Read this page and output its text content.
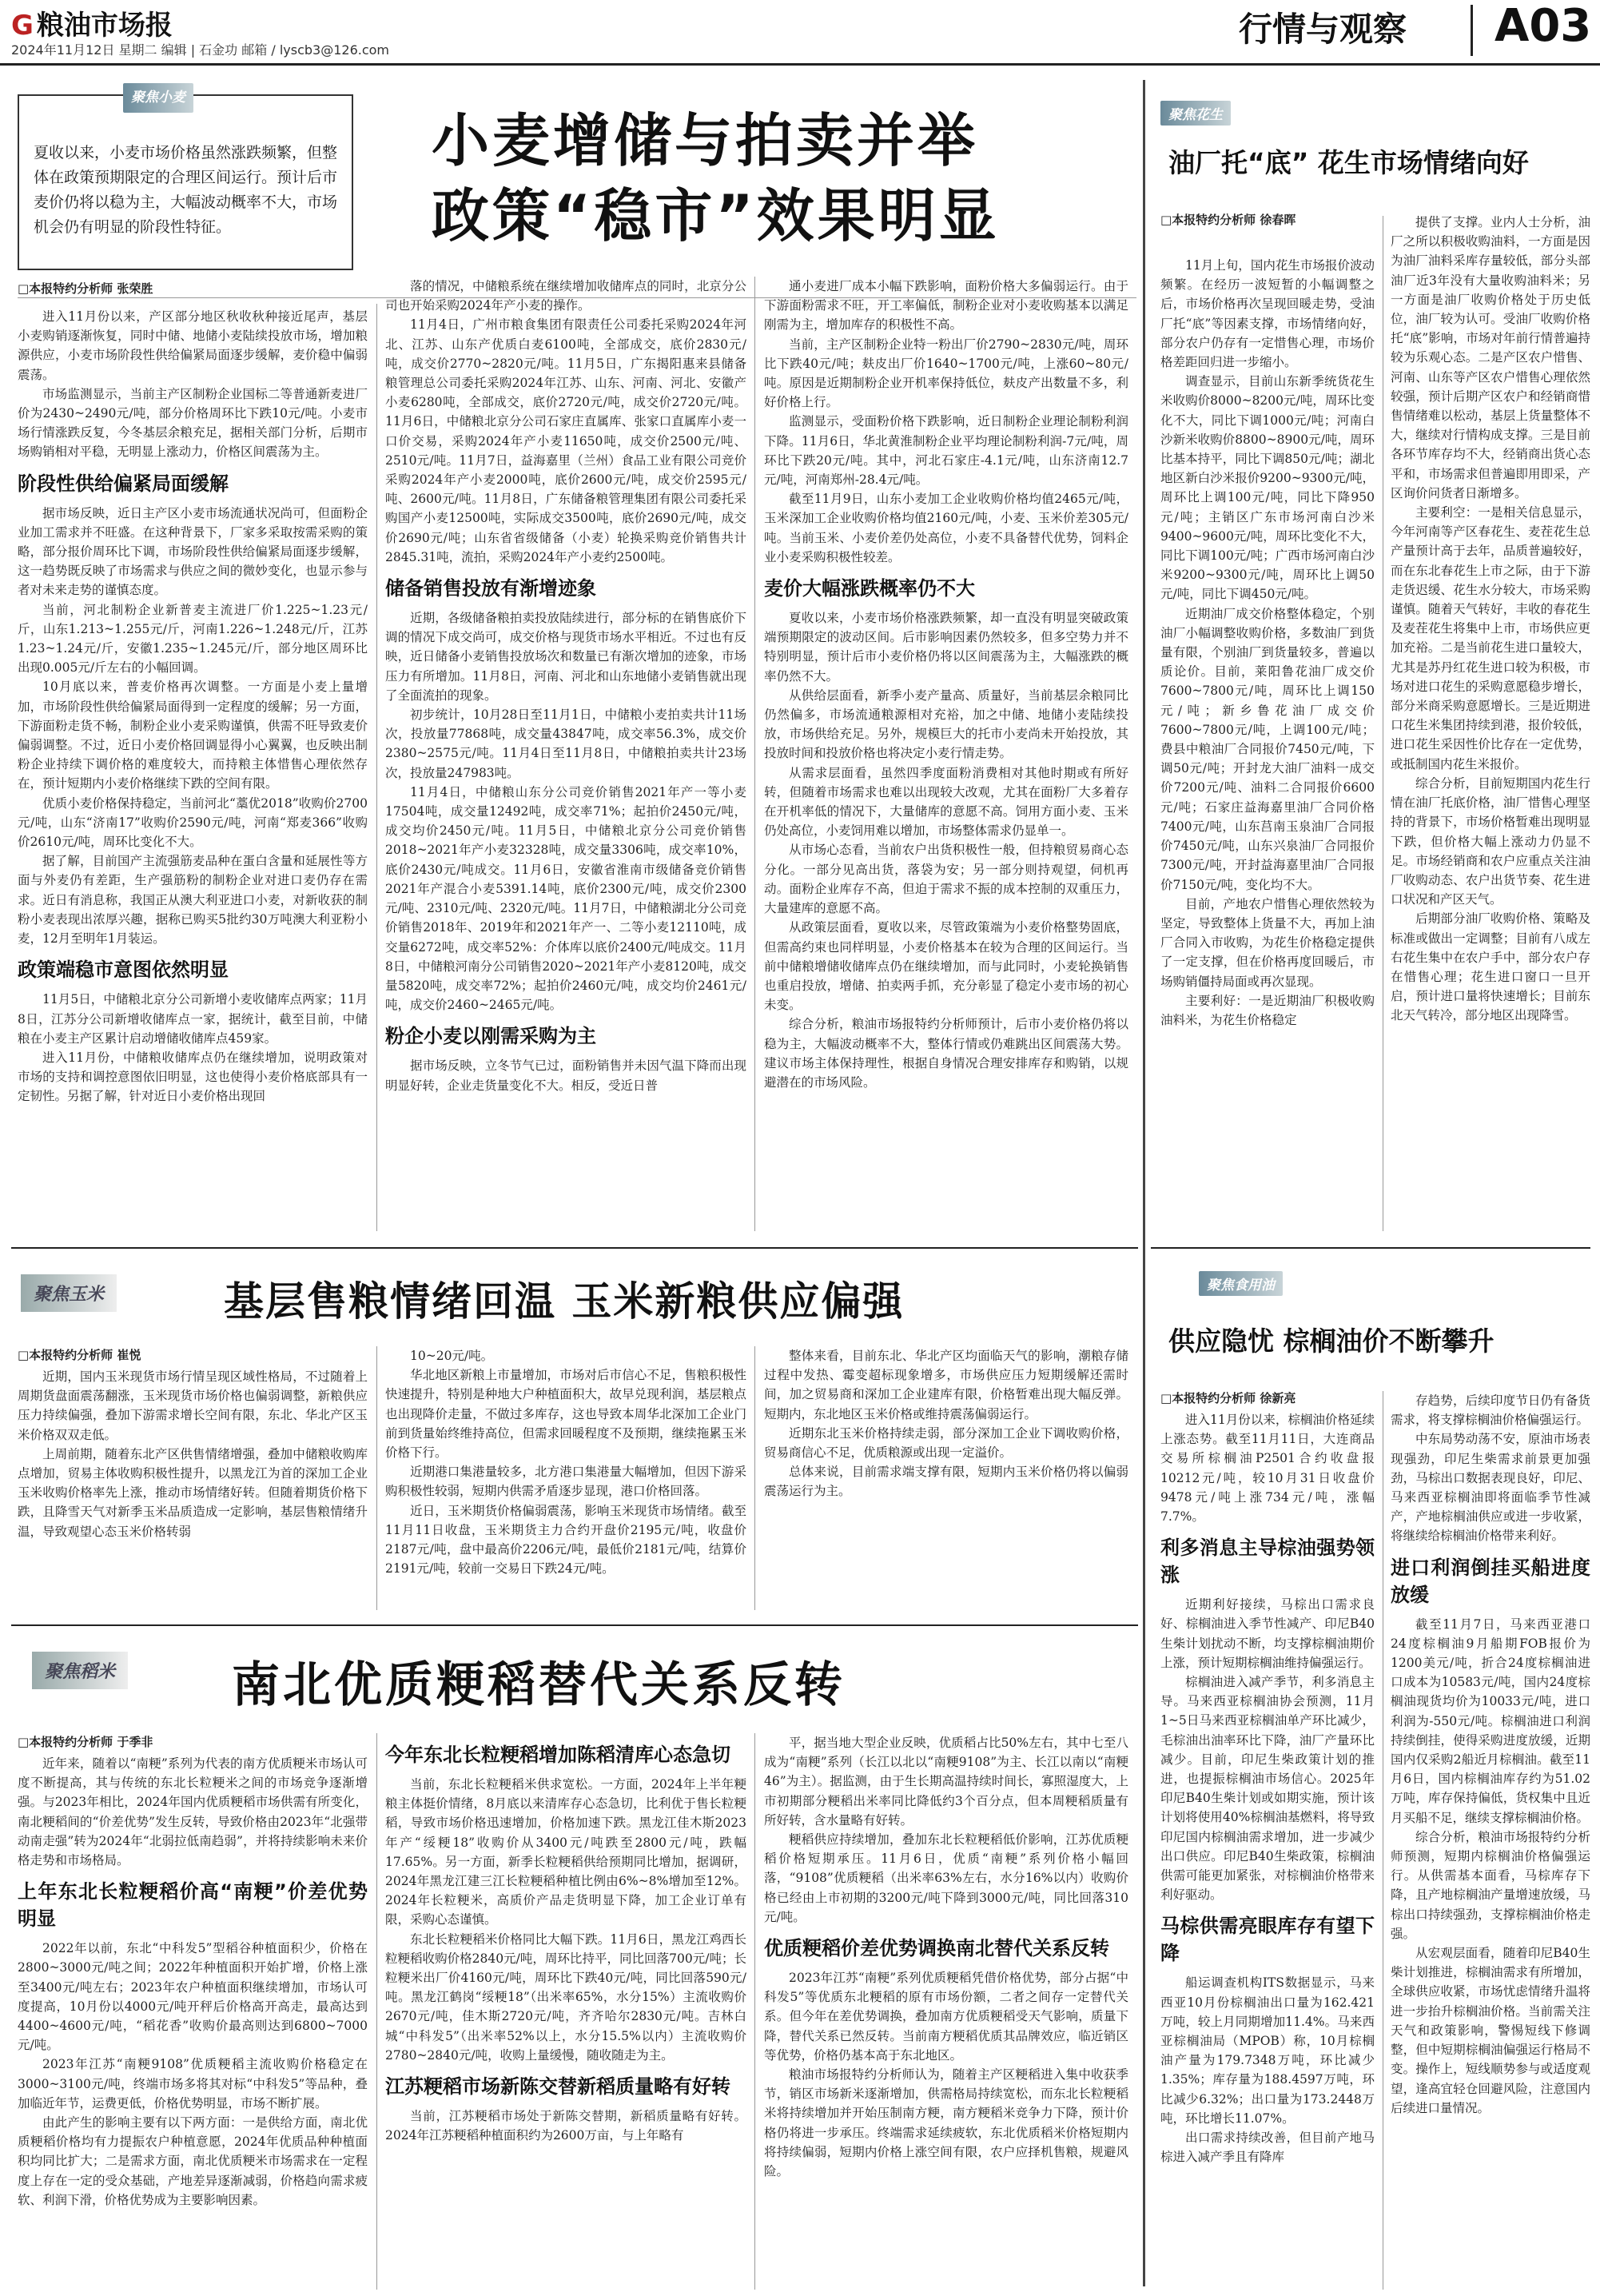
G 粮油市场报
2024年11月12日 星期二 编辑 | 石金功 邮箱 / lyscb3@126.com
行情与观察 A03
聚焦小麦
夏收以来，小麦市场价格虽然涨跌频繁，但整体在政策预期限定的合理区间运行。预计后市麦价仍将以稳为主，大幅波动概率不大，市场机会仍有明显的阶段性特征。
小麦增储与拍卖并举
政策“稳市”效果明显
□本报特约分析师 张荣胜

进入11月份以来，产区部分地区秋收秋种接近尾声，基层小麦购销逐渐恢复，同时中储、地储小麦陆续投放市场，增加粮源供应，小麦市场阶段性供给偏紧局面逐步缓解，麦价稳中偏弱震荡。

市场监测显示，当前主产区制粉企业国标二等普通新麦进厂价为2430~2490元/吨，部分价格周环比下跌10元/吨。小麦市场行情涨跌反复，今冬基层余粮充足，据相关部门分析，后期市场购销相对平稳，无明显上涨动力，价格区间震荡为主。

阶段性供给偏紧局面缓解

据市场反映，近日主产区小麦市场流通状况尚可，但面粉企业加工需求并不旺盛。在这种背景下，厂家多采取按需采购的策略，部分报价周环比下调，市场阶段性供给偏紧局面逐步缓解，这一趋势既反映了市场需求与供应之间的微妙变化，也显示参与者对未来走势的谨慎态度。

当前，河北制粉企业新普麦主流进厂价1.225~1.23元/斤，山东1.213~1.255元/斤，河南1.226~1.248元/斤，江苏1.23~1.24元/斤，安徽1.235~1.245元/斤，部分地区周环比出现0.005元/斤左右的小幅回调。

10月底以来，普麦价格再次调整。一方面是小麦上量增加，市场阶段性供给偏紧局面得到一定程度的缓解；另一方面，下游面粉走货不畅，制粉企业小麦采购谨慎，供需不旺导致麦价偏弱调整。不过，近日小麦价格回调显得小心翼翼，也反映出制粉企业持续下调价格的难度较大，而持粮主体惜售心理依然存在，预计短期内小麦价格继续下跌的空间有限。

优质小麦价格保持稳定，当前河北“藁优2018”收购价2700元/吨，山东“济南17”收购价2590元/吨，河南“郑麦366”收购价2610元/吨，周环比变化不大。

据了解，目前国产主流强筋麦品种在蛋白含量和延展性等方面与外麦仍有差距，生产强筋粉的制粉企业对进口麦仍存在需求。近日有消息称，我国正从澳大利亚进口小麦，对新收获的制粉小麦表现出浓厚兴趣，据称已购买5批约30万吨澳大利亚粉小麦，12月至明年1月装运。

政策端稳市意图依然明显

11月5日，中储粮北京分公司新增小麦收储库点两家；11月8日，江苏分公司新增收储库点一家，据统计，截至目前，中储粮在小麦主产区累计启动增储收储库点459家。

进入11月份，中储粮收储库点仍在继续增加，说明政策对市场的支持和调控意图依旧明显，这也使得小麦价格底部具有一定韧性。另据了解，针对近日小麦价格出现回

落的情况，中储粮系统在继续增加收储库点的同时，北京分公司也开始采购2024年产小麦的操作。

11月4日，广州市粮食集团有限责任公司委托采购2024年河北、江苏、山东产优质白麦6100吨，全部成交，底价2830元/吨，成交价2770~2820元/吨。11月5日，广东揭阳惠来县储备粮管理总公司委托采购2024年江苏、山东、河南、河北、安徽产小麦6280吨，全部成交，底价2720元/吨，成交价2720元/吨。11月6日，中储粮北京分公司石家庄直属库、张家口直属库小麦一口价交易，采购2024年产小麦11650吨，成交价2500元/吨、2510元/吨。11月7日，益海嘉里（兰州）食品工业有限公司竞价采购2024年产小麦2000吨，底价2600元/吨，成交价2595元/吨、2600元/吨。11月8日，广东储备粮管理集团有限公司委托采购国产小麦12500吨，实际成交3500吨，底价2690元/吨，成交价2690元/吨；山东省省级储备（小麦）轮换采购竞价销售共计2845.31吨，流拍，采购2024年产小麦约2500吨。

储备销售投放有渐增迹象

近期，各级储备粮拍卖投放陆续进行，部分标的在销售底价下调的情况下成交尚可，成交价格与现货市场水平相近。不过也有反映，近日储备小麦销售投放场次和数量已有渐次增加的迹象，市场压力有所增加。11月8日，河南、河北和山东地储小麦销售就出现了全面流拍的现象。

初步统计，10月28日至11月1日，中储粮小麦拍卖共计11场次，投放量77868吨，成交量43847吨，成交率56.3%，成交价2380~2575元/吨。11月4日至11月8日，中储粮拍卖共计23场次，投放量247983吨。

11月4日，中储粮山东分公司竞价销售2021年产一等小麦17504吨，成交量12492吨，成交率71%；起拍价2450元/吨，成交均价2450元/吨。11月5日，中储粮北京分公司竞价销售2018~2021年产小麦32328吨，成交量3306吨，成交率10%，底价2430元/吨成交。11月6日，安徽省淮南市级储备竞价销售2021年产混合小麦5391.14吨，底价2300元/吨，成交价2300元/吨、2310元/吨、2320元/吨。11月7日，中储粮湖北分公司竞价销售2018年、2019年和2021年产一、二等小麦12110吨，成交量6272吨，成交率52%：介体库以底价2400元/吨成交。11月8日，中储粮河南分公司销售2020~2021年产小麦8120吨，成交量5820吨，成交率72%；起拍价2460元/吨，成交均价2461元/吨，成交价2460~2465元/吨。

粉企小麦以刚需采购为主

据市场反映，立冬节气已过，面粉销售并未因气温下降而出现明显好转，企业走货量变化不大。相反，受近日普

通小麦进厂成本小幅下跌影响，面粉价格大多偏弱运行。由于下游面粉需求不旺，开工率偏低，制粉企业对小麦收购基本以满足刚需为主，增加库存的积极性不高。

当前，主产区制粉企业特一粉出厂价2790~2830元/吨，周环比下跌40元/吨；麸皮出厂价1640~1700元/吨，上涨60~80元/吨。原因是近期制粉企业开机率保持低位，麸皮产出数量不多，利好价格上行。

监测显示，受面粉价格下跌影响，近日制粉企业理论制粉利润下降。11月6日，华北黄淮制粉企业平均理论制粉利润-7元/吨，周环比下跌20元/吨。其中，河北石家庄-4.1元/吨，山东济南12.7元/吨，河南郑州-28.4元/吨。

截至11月9日，山东小麦加工企业收购价格均值2465元/吨，玉米深加工企业收购价格均值2160元/吨，小麦、玉米价差305元/吨。当前玉米、小麦价差仍处高位，小麦不具备替代优势，饲料企业小麦采购积极性较差。

麦价大幅涨跌概率仍不大

夏收以来，小麦市场价格涨跌频繁，却一直没有明显突破政策端预期限定的波动区间。后市影响因素仍然较多，但多空势力并不特别明显，预计后市小麦价格仍将以区间震荡为主，大幅涨跌的概率仍然不大。

从供给层面看，新季小麦产量高、质量好，当前基层余粮同比仍然偏多，市场流通粮源相对充裕，加之中储、地储小麦陆续投放，市场供给充足。另外，规模巨大的托市小麦尚未开始投放，其投放时间和投放价格也将决定小麦行情走势。

从需求层面看，虽然四季度面粉消费相对其他时期或有所好转，但随着市场需求也难以出现较大改观，尤其在面粉厂大多着存在开机率低的情况下，大量储库的意愿不高。饲用方面小麦、玉米仍处高位，小麦饲用难以增加，市场整体需求仍显单一。

从市场心态看，当前农户出货积极性一般，但持粮贸易商心态分化。一部分见高出货，落袋为安；另一部分则持观望，伺机再动。面粉企业库存不高，但迫于需求不振的成本控制的双重压力，大量建库的意愿不高。

从政策层面看，夏收以来，尽管政策端为小麦价格整势固底，但需高约束也同样明显，小麦价格基本在较为合理的区间运行。当前中储粮增储收储库点仍在继续增加，而与此同时，小麦轮换销售也重启投放，增储、拍卖两手抓，充分彰显了稳定小麦市场的初心未变。

综合分析，粮油市场报特约分析师预计，后市小麦价格仍将以稳为主，大幅波动概率不大，整体行情或仍难跳出区间震荡大势。建议市场主体保持理性，根据自身情况合理安排库存和购销，以规避潜在的市场风险。

聚焦花生
油厂托“底” 花生市场情绪向好
□本报特约分析师 徐春晖

11月上旬，国内花生市场报价波动频繁。在经历一波短暂的小幅调整之后，市场价格再次呈现回暖走势，受油厂托“底”等因素支撑，市场情绪向好，部分农户仍存有一定惜售心理，市场价格差距回归进一步缩小。

调查显示，目前山东新季统货花生米收购价8000~8200元/吨，周环比变化不大，同比下调1000元/吨；河南白沙新米收购价8800~8900元/吨，周环比基本持平，同比下调850元/吨；湖北地区新白沙米报价9200~9300元/吨，周环比上调100元/吨，同比下降950元/吨；主销区广东市场河南白沙米9400~9600元/吨，周环比变化不大，同比下调100元/吨；广西市场河南白沙米9200~9300元/吨，周环比上调50元/吨，同比下调450元/吨。

近期油厂成交价格整体稳定，个别油厂小幅调整收购价格，多数油厂到货量有限，个别油厂到货量较多，普遍以质论价。目前，莱阳鲁花油厂成交价7600~7800元/吨，周环比上调150元/吨；新乡鲁花油厂成交价7600~7800元/吨，上调100元/吨；费县中粮油厂合同报价7450元/吨，下调50元/吨；开封龙大油厂油料一成交价7200元/吨、油料二合同报价6600元/吨；石家庄益海嘉里油厂合同价格7400元/吨，山东莒南玉泉油厂合同报价7450元/吨，山东兴泉油厂合同报价7300元/吨，开封益海嘉里油厂合同报价7150元/吨，变化均不大。

目前，产地农户惜售心理依然较为坚定，导致整体上货量不大，再加上油厂合同入市收购，为花生价格稳定提供了一定支撑，但在价格再度回暖后，市场购销僵持局面或再次显现。

主要利好：一是近期油厂积极收购油料米，为花生价格稳定

提供了支撑。业内人士分析，油厂之所以积极收购油料，一方面是因为油厂油料采库存量较低，部分头部油厂近3年没有大量收购油料米；另一方面是油厂收购价格处于历史低位，油厂较为认可。受油厂收购价格托“底”影响，市场对年前行情普遍持较为乐观心态。二是产区农户惜售、河南、山东等产区农户惜售心理依然较强，预计后期产区农户和经销商惜售情绪难以松动，基层上货量整体不大，继续对行情构成支撑。三是目前各环节库存均不大，经销商出货心态平和，市场需求但普遍即用即采，产区询价问货者日渐增多。

主要利空：一是相关信息显示，今年河南等产区春花生、麦茬花生总产量预计高于去年，品质普遍较好，而在东北春花生上市之际，由于下游走货迟缓、花生水分较大，市场采购谨慎。随着天气转好，丰收的春花生及麦茬花生将集中上市，市场供应更加充裕。二是当前花生进口量较大，尤其是苏丹红花生进口较为积极，市场对进口花生的采购意愿稳步增长，部分米商采购意愿增长。三是近期进口花生米集团持续到港，报价较低，进口花生采因性价比存在一定优势，或抵制国内花生米报价。

综合分析，目前短期国内花生行情在油厂托底价格，油厂惜售心理坚持的背景下，市场价格暂难出现明显下跌，但价格大幅上涨动力仍显不足。市场经销商和农户应重点关注油厂收购动态、农户出货节奏、花生进口状况和产区天气。

后期部分油厂收购价格、策略及标准或做出一定调整；目前有八成左右花生集中在农户手中，部分农户存在惜售心理；花生进口窗口一旦开启，预计进口量将快速增长；目前东北天气转冷，部分地区出现降雪。

聚焦玉米	基层售粮情绪回温 玉米新粮供应偏强
□本报特约分析师 崔悦

近期，国内玉米现货市场行情呈现区域性格局，不过随着上周期货盘面震荡翻涨，玉米现货市场价格也偏弱调整，新粮供应压力持续偏强，叠加下游需求增长空间有限，东北、华北产区玉米价格双双走低。

上周前期，随着东北产区供售情绪增强，叠加中储粮收购库点增加，贸易主体收购积极性提升，以黑龙江为首的深加工企业玉米收购价格率先上涨，推动市场情绪好转。但随着期货价格下跌，且降雪天气对新季玉米品质造成一定影响，基层售粮情绪升温，导致观望心态玉米价格转弱

10~20元/吨。

华北地区新粮上市量增加，市场对后市信心不足，售粮积极性快速提升，特别是种地大户种植面积大，故早兑现利润，基层粮点也出现降价走量，不做过多库存，这也导致本周华北深加工企业门前到货量始终维持高位，但需求回暖程度不及预期，继续拖累玉米价格下行。

近期港口集港量较多，北方港口集港量大幅增加，但因下游采购积极性较弱，短期内供需矛盾逐步显现，港口价格回落。

近日，玉米期货价格偏弱震荡，影响玉米现货市场情绪。截至11月11日收盘，玉米期货主力合约开盘价2195元/吨，收盘价2187元/吨，盘中最高价2206元/吨，最低价2181元/吨，结算价2191元/吨，较前一交易日下跌24元/吨。

整体来看，目前东北、华北产区均面临天气的影响，潮粮存储过程中发热、霉变超标现象增多，市场供应压力短期缓解还需时间，加之贸易商和深加工企业建库有限，价格暂难出现大幅反弹。短期内，东北地区玉米价格或维持震荡偏弱运行。

近期东北玉米价格持续走弱，部分深加工企业下调收购价格，贸易商信心不足，优质粮源或出现一定溢价。

总体来说，目前需求端支撑有限，短期内玉米价格仍将以偏弱震荡运行为主。

聚焦稻米 南北优质粳稻替代关系反转
□本报特约分析师 于季非

近年来，随着以“南粳”系列为代表的南方优质粳米市场认可度不断提高，其与传统的东北长粒粳米之间的市场竞争逐渐增强。与2023年相比，2024年国内优质粳稻市场供需有所变化，南北粳稻间的“价差优势”发生反转，导致价格由2023年“北强带动南走强”转为2024年“北弱拉低南趋弱”，并将持续影响未来价格走势和市场格局。

上年东北长粒粳稻价高“南粳”价差优势明显

2022年以前，东北“中科发5”型稻谷种植面积少，价格在2800~3000元/吨之间；2022年种植面积开始扩增，价格上涨至3400元/吨左右；2023年农户种植面积继续增加，市场认可度提高，10月份以4000元/吨开秤后价格高开高走，最高达到4400~4600元/吨，“稻花香”收购价最高则达到6800~7000元/吨。

2023年江苏“南粳9108”优质粳稻主流收购价格稳定在3000~3100元/吨，终端市场多将其对标“中科发5”等品种，叠加临近年节，运费更低，价格优势明显，市场不断扩展。

由此产生的影响主要有以下两方面：一是供给方面，南北优质粳稻价格均有力提振农户种植意愿，2024年优质品种种植面积均同比扩大；二是需求方面，南北优质粳米市场需求在一定程度上存在一定的受众基础，产地差异逐渐减弱，价格趋向需求疲软、利润下滑，价格优势成为主要影响因素。

今年东北长粒粳稻增加陈稻清库心态急切

当前，东北长粒粳稻米供求宽松。一方面，2024年上半年粳粮主体挺价情绪，8月底以来清库存心态急切，比利优于售长粒粳稻，导致市场价格迅速增加，价格加速下跌。黑龙江佳木斯2023年产“绥粳18”收购价从3400元/吨跌至2800元/吨，跌幅17.65%。另一方面，新季长粒粳稻供给预期同比增加，据调研，2024年黑龙江建三江长粒粳稻种植比例由6%~8%增加至12%。2024年长粒粳米，高质价产品走货明显下降，加工企业订单有限，采购心态谨慎。

东北长粒粳稻米价格同比大幅下跌。11月6日，黑龙江鸡西长粒粳稻收购价格2840元/吨，周环比持平，同比回落700元/吨；长粒粳米出厂价4160元/吨，周环比下跌40元/吨，同比回落590元/吨。黑龙江鹤岗“绥粳18”（出米率65%，水分15%）主流收购价2670元/吨，佳木斯2720元/吨，齐齐哈尔2830元/吨。吉林白城“中科发5”（出米率52%以上，水分15.5%以内）主流收购价2780~2840元/吨，收购上量缓慢，随收随走为主。

江苏粳稻市场新陈交替新稻质量略有好转

当前，江苏粳稻市场处于新陈交替期，新稻质量略有好转。2024年江苏粳稻种植面积约为2600万亩，与上年略有

平，据当地大型企业反映，优质稻占比50%左右，其中七至八成为“南粳”系列（长江以北以“南粳9108”为主、长江以南以“南粳46”为主）。据监测，由于生长期高温持续时间长，寡照湿度大，上市初期部分粳稻出米率同比降低约3个百分点，但本周粳稻质量有所好转，含水量略有好转。

粳稻供应持续增加，叠加东北长粒粳稻低价影响，江苏优质粳稻价格短期承压。11月6日，优质“南粳”系列价格小幅回落，“9108”优质粳稻（出米率63%左右，水分16%以内）收购价格已经由上市初期的3200元/吨下降到3000元/吨，同比回落310元/吨。

优质粳稻价差优势调换南北替代关系反转

2023年江苏“南粳”系列优质粳稻凭借价格优势，部分占据“中科发5”等优质东北粳稻的原有市场份额，二者之间存一定替代关系。但今年在差优势调换，叠加南方优质粳稻受天气影响，质量下降，替代关系已然反转。当前南方粳稻优质其品牌效应，临近销区等优势，价格仍基本高于东北地区。

粮油市场报特约分析师认为，随着主产区粳稻进入集中收获季节，销区市场新米逐渐增加，供需格局持续宽松，而东北长粒粳稻米将持续增加并开始压制南方粳，南方粳稻米竞争力下降，预计价格仍将进一步承压。终端需求延续疲软，东北优质稻米价格短期内将持续偏弱，短期内价格上涨空间有限，农户应择机售粮，规避风险。

聚焦食用油
供应隐忧 棕榈油价不断攀升
□本报特约分析师 徐新亮

进入11月份以来，棕榈油价格延续上涨态势。截至11月11日，大连商品交易所棕榈油P2501合约收盘报10212元/吨，较10月31日收盘价9478元/吨上涨734元/吨，涨幅7.7%。

利多消息主导棕油强势领涨

近期利好接续，马棕出口需求良好、棕榈油进入季节性减产、印尼B40生柴计划扰动不断，均支撑棕榈油期价上涨，预计短期棕榈油维持偏强运行。

棕榈油进入减产季节，利多消息主导。马来西亚棕榈油协会预测，11月1~5日马来西亚棕榈油单产环比减少，毛棕油出油率环比下降，油厂产量环比减少。目前，印尼生柴政策计划的推进，也提振棕榈油市场信心。2025年印尼B40生柴计划或如期实施，预计该计划将使用40%棕榈油基燃料，将导致印尼国内棕榈油需求增加，进一步减少出口供应。印尼B40生柴政策，棕榈油供需可能更加紧张，对棕榈油价格带来利好驱动。

马棕供需亮眼库存有望下降

船运调查机构ITS数据显示，马来西亚10月份棕榈油出口量为162.421万吨，较上月同期增加11.4%。马来西亚棕榈油局（MPOB）称，10月棕榈油产量为179.7348万吨，环比减少1.35%；库存量为188.4597万吨，环比减少6.32%；出口量为173.2448万吨，环比增长11.07%。

出口需求持续改善，但目前产地马棕进入减产季且有降库

存趋势，后续印度节日仍有备货需求，将支撑棕榈油价格偏强运行。

中东局势动荡不安，原油市场表现强劲，印尼生柴需求前景更加强劲，马棕出口数据表现良好，印尼、马来西亚棕榈油即将面临季节性减产，产地棕榈油供应或进一步收紧，将继续给棕榈油价格带来利好。

进口利润倒挂买船进度放缓

截至11月7日，马来西亚港口24度棕榈油9月船期FOB报价为1200美元/吨，折合24度棕榈油进口成本为10583元/吨，国内24度棕榈油现货均价为10033元/吨，进口利润为-550元/吨。棕榈油进口利润持续倒挂，使得采购进度放缓，近期国内仅采购2船近月棕榈油。截至11月6日，国内棕榈油库存约为51.02万吨，库存保持偏低，货权集中且近月买船不足，继续支撑棕榈油价格。

综合分析，粮油市场报特约分析师预测，短期内棕榈油价格偏强运行。从供需基本面看，马棕库存下降，且产地棕榈油产量增速放缓，马棕出口持续强劲，支撑棕榈油价格走强。

从宏观层面看，随着印尼B40生柴计划推进，棕榈油需求有所增加，全球供应收紧，市场忧虑情绪升温将进一步抬升棕榈油价格。当前需关注天气和政策影响，警惕短线下修调整，但中短期棕榈油偏强运行格局不变。操作上，短线顺势参与或适度观望，逢高宜轻仓回避风险，注意国内后续进口量情况。
